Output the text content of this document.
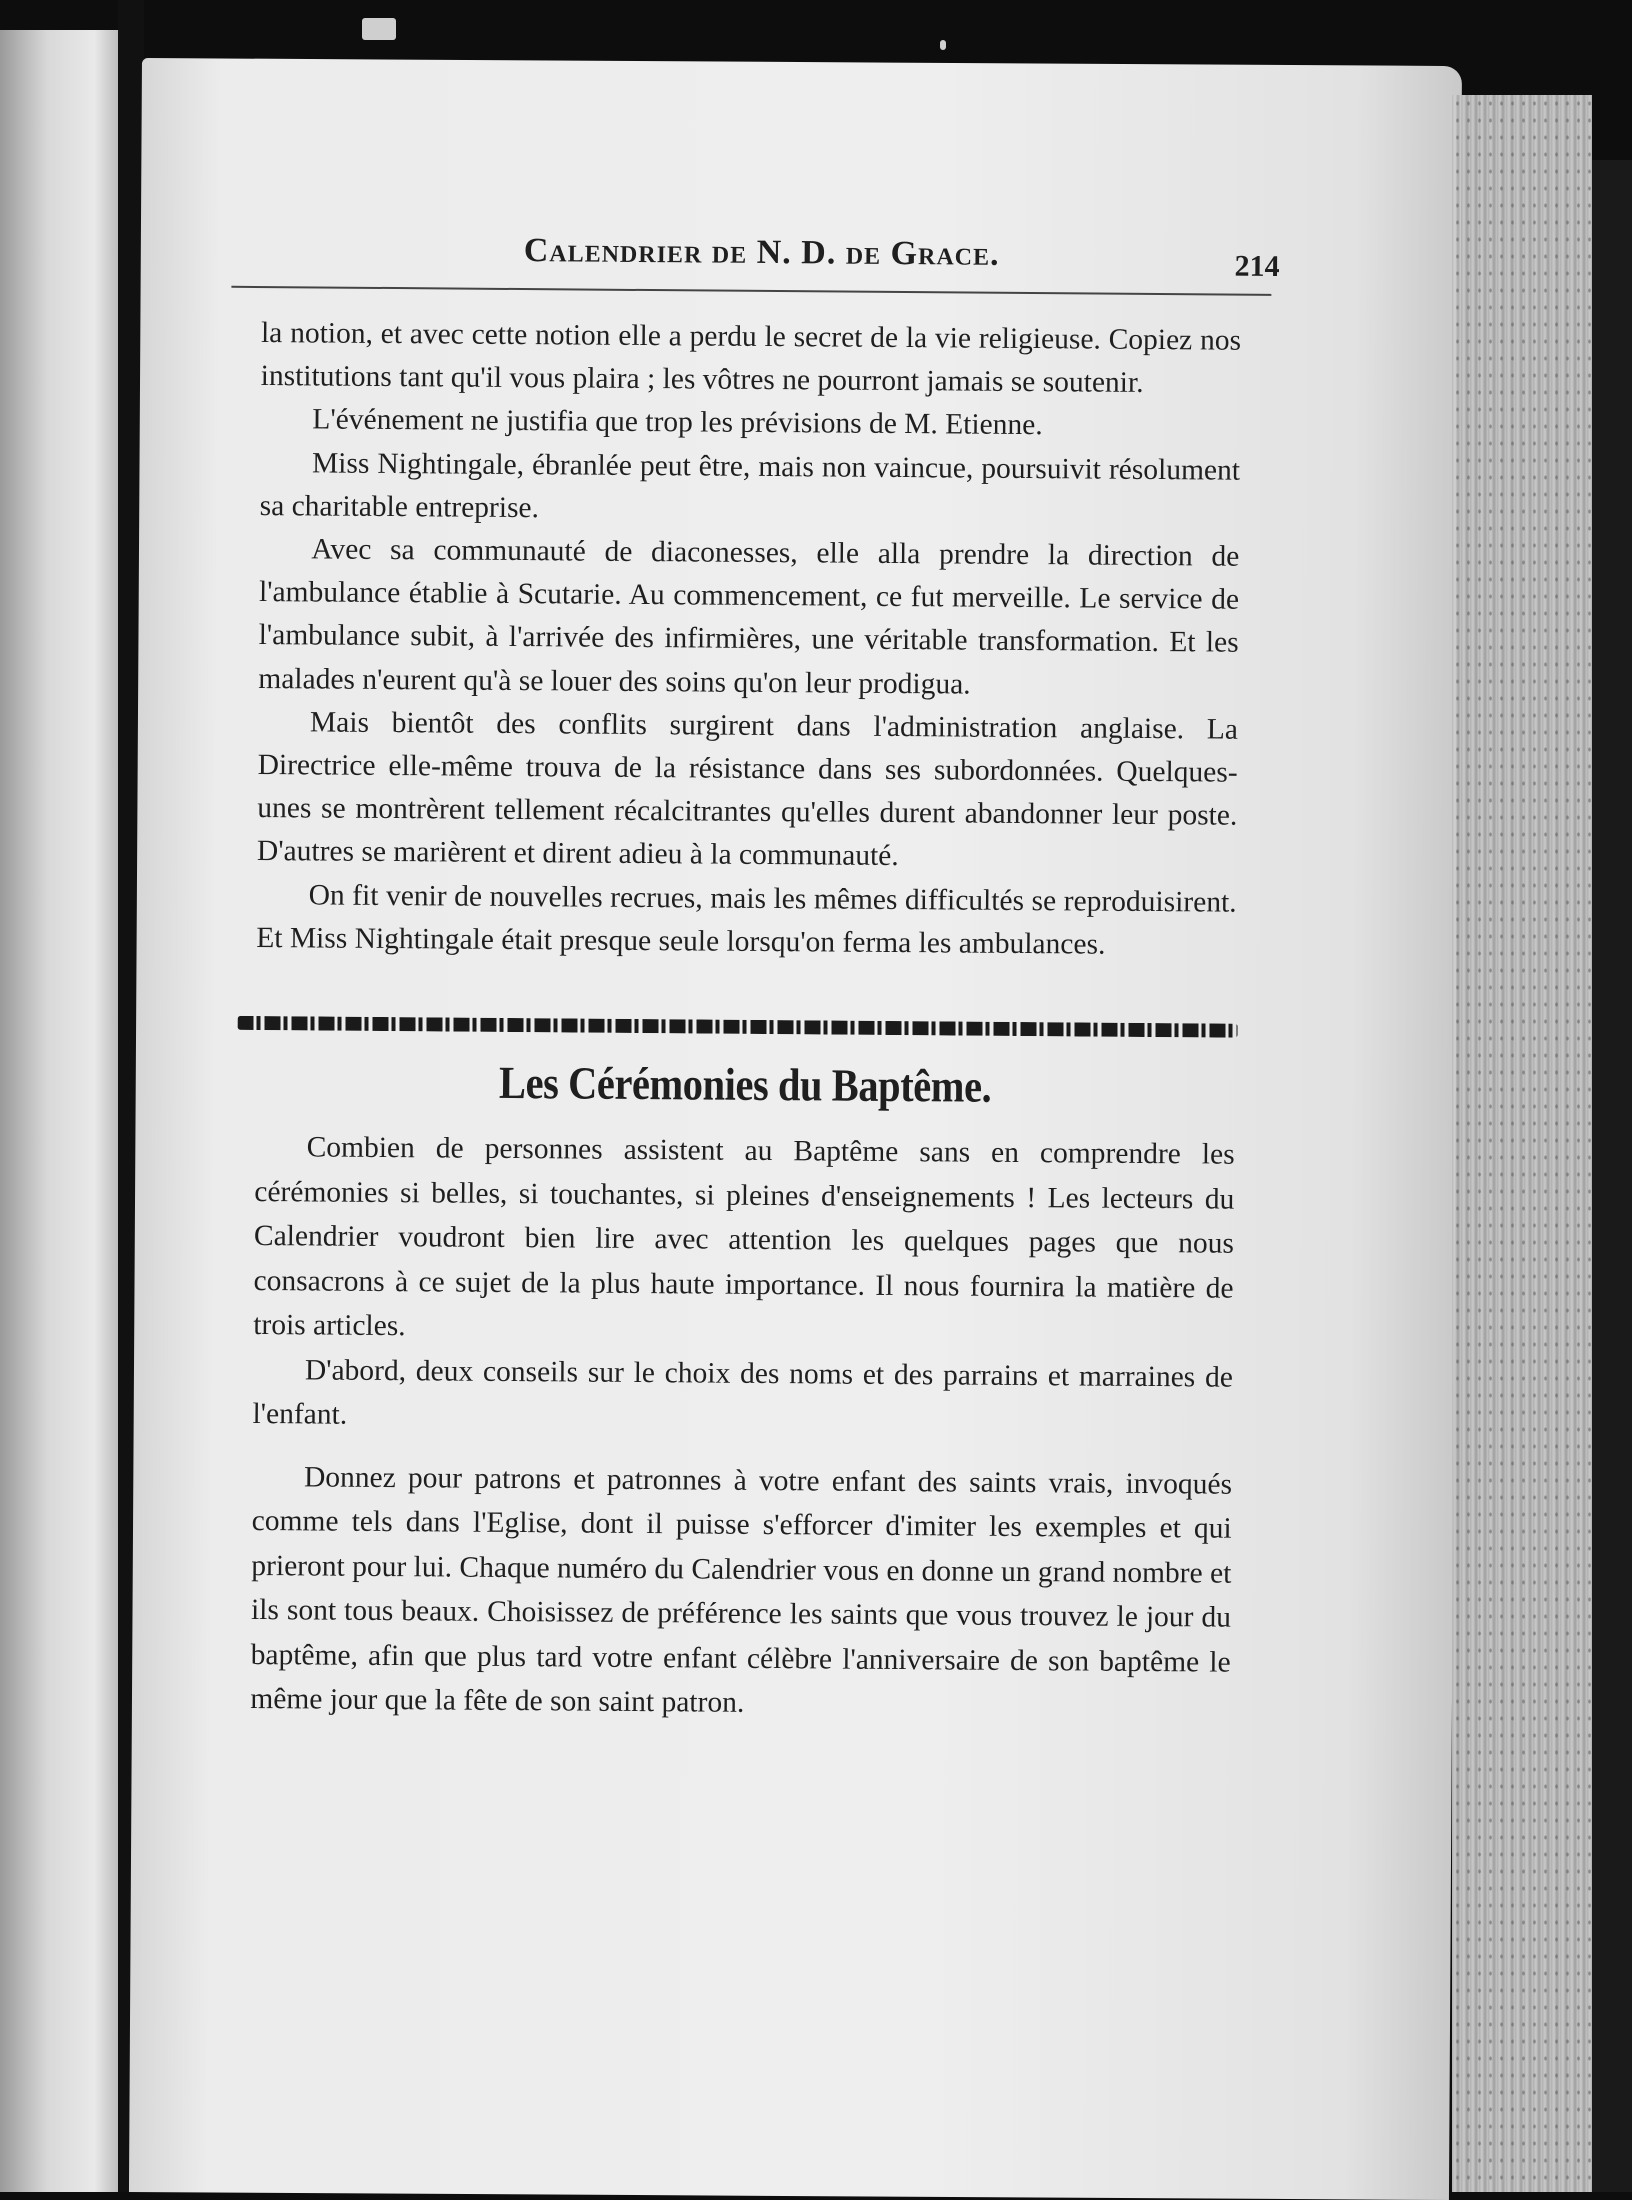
Calendrier de N. D. de Grace.	214

la notion, et avec cette notion elle a perdu le secret de la vie religieuse. Copiez nos institutions tant qu'il vous plaira ; les vôtres ne pourront jamais se soutenir.

L'événement ne justifia que trop les prévisions de M. Etienne.

Miss Nightingale, ébranlée peut être, mais non vaincue, poursuivit résolument sa charitable entreprise.

Avec sa communauté de diaconesses, elle alla prendre la direction de l'ambulance établie à Scutarie. Au commencement, ce fut merveille. Le service de l'ambulance subit, à l'arrivée des infirmières, une véritable transformation. Et les malades n'eurent qu'à se louer des soins qu'on leur prodigua.

Mais bientôt des conflits surgirent dans l'administration anglaise. La Directrice elle-même trouva de la résistance dans ses subordonnées. Quelques-unes se montrèrent tellement récalcitrantes qu'elles durent abandonner leur poste. D'autres se marièrent et dirent adieu à la communauté.

On fit venir de nouvelles recrues, mais les mêmes difficultés se reproduisirent. Et Miss Nightingale était presque seule lorsqu'on ferma les ambulances.

Les Cérémonies du Baptême.

Combien de personnes assistent au Baptême sans en comprendre les cérémonies si belles, si touchantes, si pleines d'enseignements ! Les lecteurs du Calendrier voudront bien lire avec attention les quelques pages que nous consacrons à ce sujet de la plus haute importance. Il nous fournira la matière de trois articles.

D'abord, deux conseils sur le choix des noms et des parrains et marraines de l'enfant.

Donnez pour patrons et patronnes à votre enfant des saints vrais, invoqués comme tels dans l'Eglise, dont il puisse s'efforcer d'imiter les exemples et qui prieront pour lui. Chaque numéro du Calendrier vous en donne un grand nombre et ils sont tous beaux. Choisissez de préférence les saints que vous trouvez le jour du baptême, afin que plus tard votre enfant célèbre l'anniversaire de son baptême le même jour que la fête de son saint patron.
